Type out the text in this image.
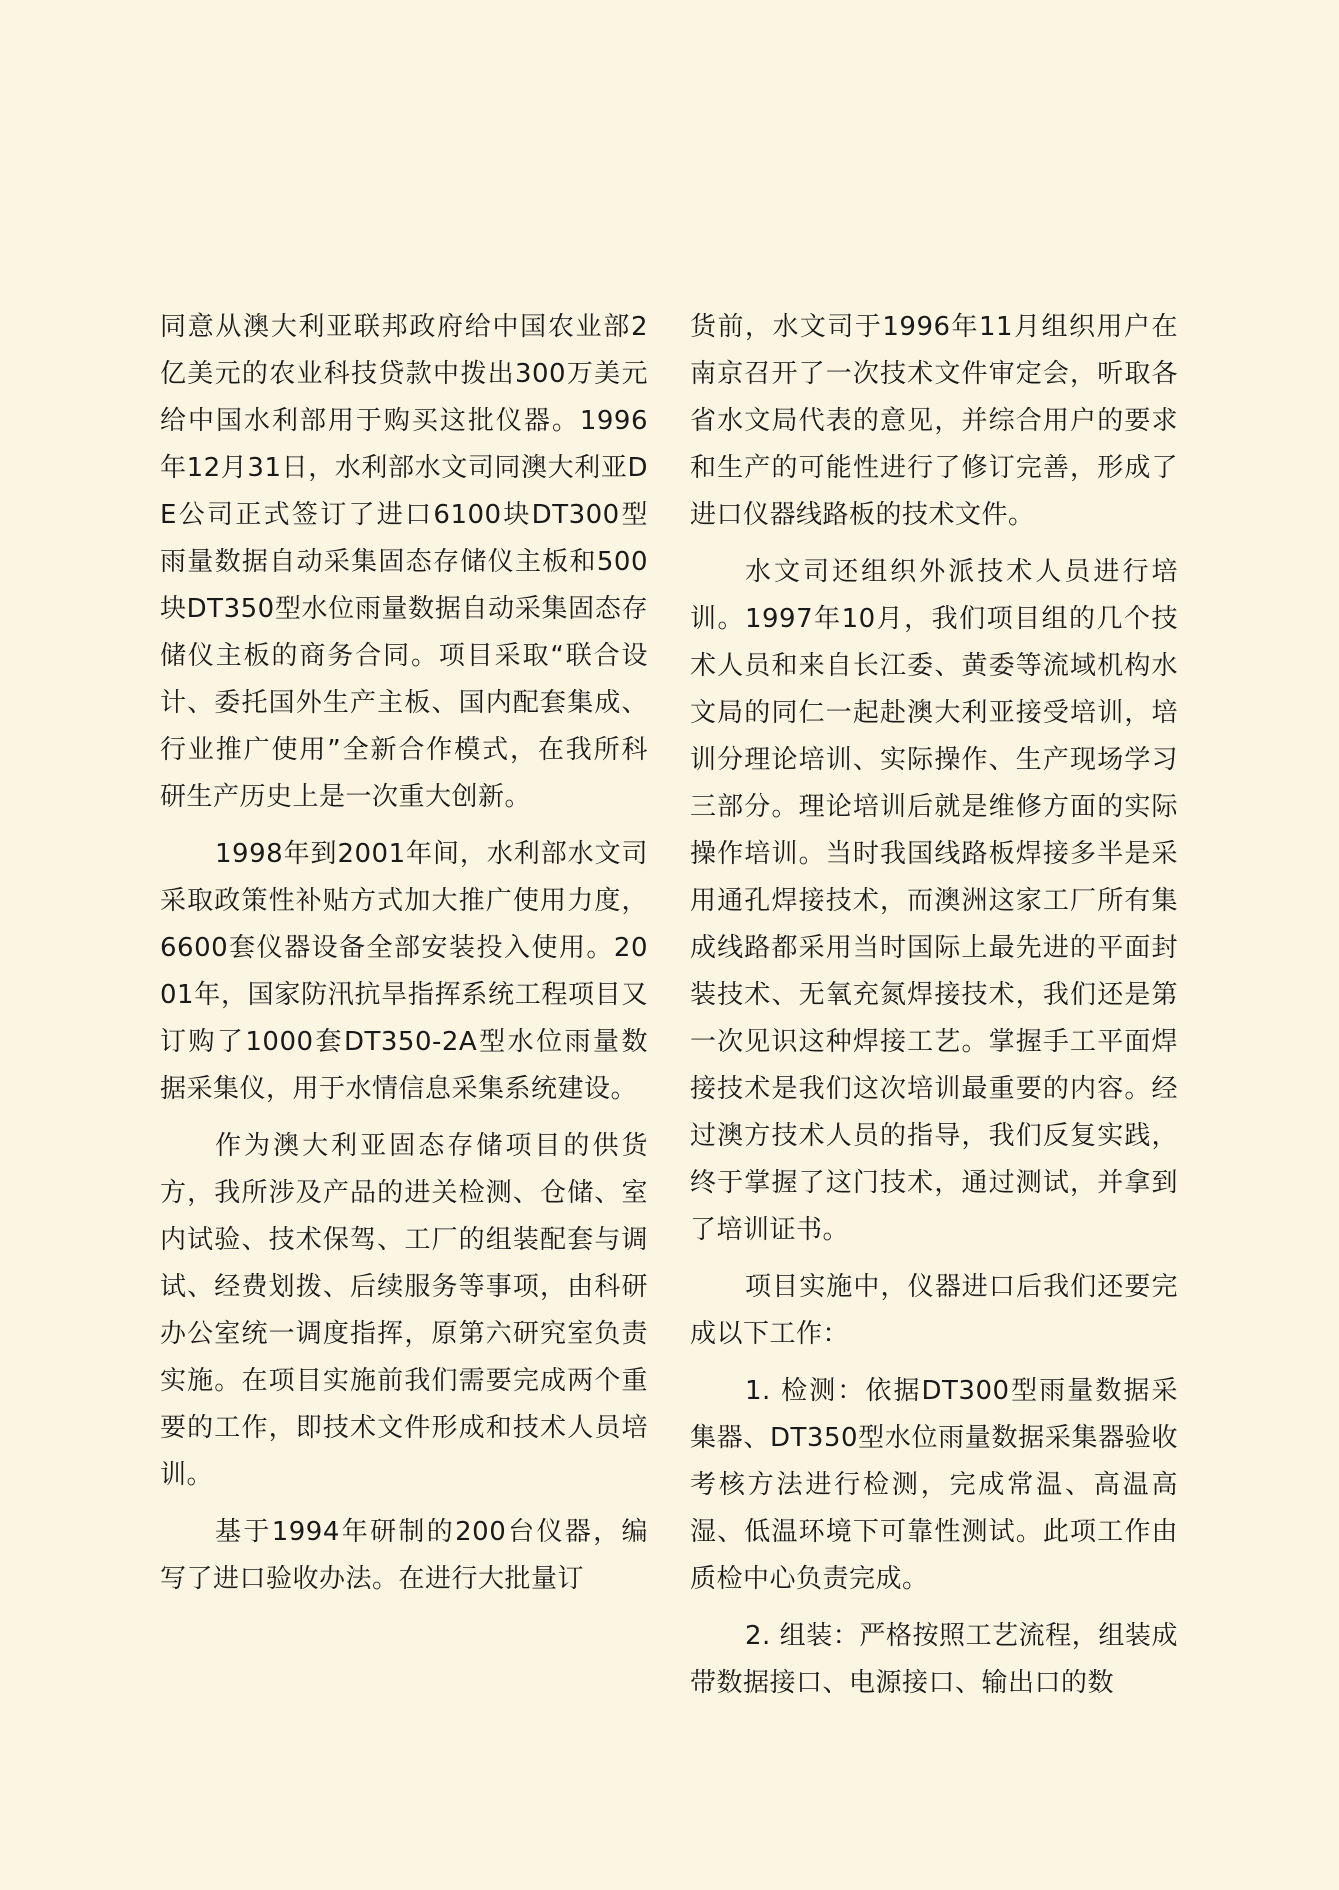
同意从澳大利亚联邦政府给中国农业部2亿美元的农业科技贷款中拨出300万美元给中国水利部用于购买这批仪器。1996年12月31日，水利部水文司同澳大利亚DE公司正式签订了进口6100块DT300型雨量数据自动采集固态存储仪主板和500块DT350型水位雨量数据自动采集固态存储仪主板的商务合同。项目采取“联合设计、委托国外生产主板、国内配套集成、行业推广使用”全新合作模式，在我所科研生产历史上是一次重大创新。

1998年到2001年间，水利部水文司采取政策性补贴方式加大推广使用力度，6600套仪器设备全部安装投入使用。2001年，国家防汛抗旱指挥系统工程项目又订购了1000套DT350-2A型水位雨量数据采集仪，用于水情信息采集系统建设。

作为澳大利亚固态存储项目的供货方，我所涉及产品的进关检测、仓储、室内试验、技术保驾、工厂的组装配套与调试、经费划拨、后续服务等事项，由科研办公室统一调度指挥，原第六研究室负责实施。在项目实施前我们需要完成两个重要的工作，即技术文件形成和技术人员培训。

基于1994年研制的200台仪器，编写了进口验收办法。在进行大批量订

货前，水文司于1996年11月组织用户在南京召开了一次技术文件审定会，听取各省水文局代表的意见，并综合用户的要求和生产的可能性进行了修订完善，形成了进口仪器线路板的技术文件。

水文司还组织外派技术人员进行培训。1997年10月，我们项目组的几个技术人员和来自长江委、黄委等流域机构水文局的同仁一起赴澳大利亚接受培训，培训分理论培训、实际操作、生产现场学习三部分。理论培训后就是维修方面的实际操作培训。当时我国线路板焊接多半是采用通孔焊接技术，而澳洲这家工厂所有集成线路都采用当时国际上最先进的平面封装技术、无氧充氮焊接技术，我们还是第一次见识这种焊接工艺。掌握手工平面焊接技术是我们这次培训最重要的内容。经过澳方技术人员的指导，我们反复实践，终于掌握了这门技术，通过测试，并拿到了培训证书。

项目实施中，仪器进口后我们还要完成以下工作：

1. 检测：依据DT300型雨量数据采集器、DT350型水位雨量数据采集器验收考核方法进行检测，完成常温、高温高湿、低温环境下可靠性测试。此项工作由质检中心负责完成。

2. 组装：严格按照工艺流程，组装成带数据接口、电源接口、输出口的数
